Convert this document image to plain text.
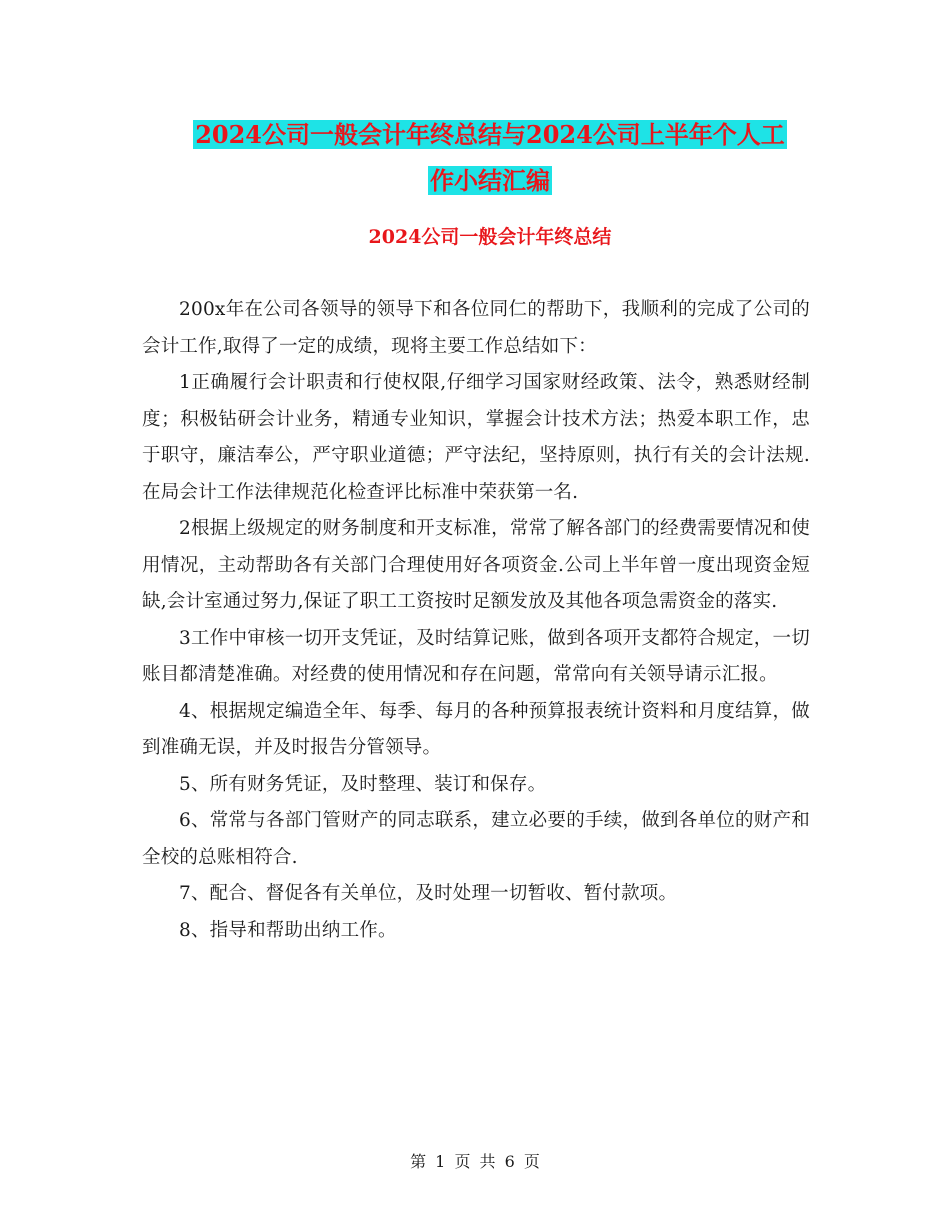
2024公司一般会计年终总结与2024公司上半年个人工
作小结汇编
2024公司一般会计年终总结

200x年在公司各领导的领导下和各位同仁的帮助下，我顺利的完成了公司的会计工作,取得了一定的成绩，现将主要工作总结如下：

1正确履行会计职责和行使权限,仔细学习国家财经政策、法令，熟悉财经制度；积极钻研会计业务，精通专业知识，掌握会计技术方法；热爱本职工作，忠于职守，廉洁奉公，严守职业道德；严守法纪，坚持原则，执行有关的会计法规.在局会计工作法律规范化检查评比标准中荣获第一名.

2根据上级规定的财务制度和开支标准，常常了解各部门的经费需要情况和使用情况，主动帮助各有关部门合理使用好各项资金.公司上半年曾一度出现资金短缺,会计室通过努力,保证了职工工资按时足额发放及其他各项急需资金的落实.

3工作中审核一切开支凭证，及时结算记账，做到各项开支都符合规定，一切账目都清楚准确。对经费的使用情况和存在问题，常常向有关领导请示汇报。

4、根据规定编造全年、每季、每月的各种预算报表统计资料和月度结算，做到准确无误，并及时报告分管领导。

5、所有财务凭证，及时整理、装订和保存。

6、常常与各部门管财产的同志联系，建立必要的手续，做到各单位的财产和全校的总账相符合.

7、配合、督促各有关单位，及时处理一切暂收、暂付款项。

8、指导和帮助出纳工作。

第 1 页 共 6 页
